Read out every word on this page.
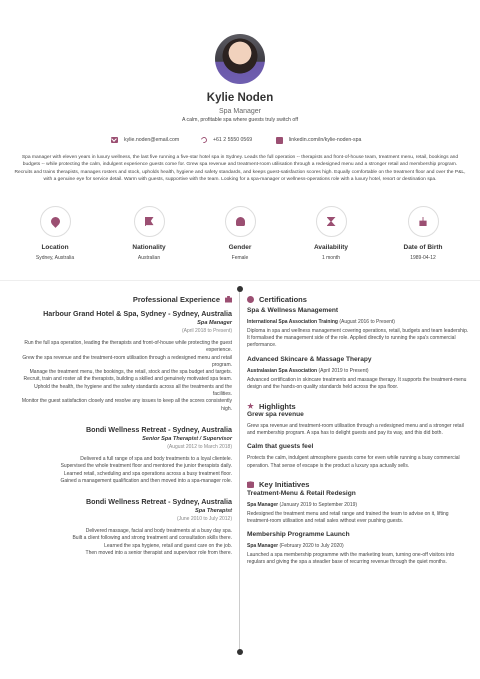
Kylie Noden
Spa Manager
A calm, profitable spa where guests truly switch off
kylie.noden@email.com	+61 2 5550 0569	linkedin.com/in/kylie-noden-spa
Spa manager with eleven years in luxury wellness, the last five running a five-star hotel spa in Sydney. Leads the full operation -- therapists and front-of-house team, treatment menu, retail, bookings and budgets -- while protecting the calm, indulgent experience guests come for. Grew spa revenue and treatment-room utilisation through a redesigned menu and a stronger retail and membership program. Recruits and trains therapists, manages rosters and stock, upholds health, hygiene and safety standards, and keeps guest-satisfaction scores high. Equally comfortable on the treatment floor and over the P&L, with a genuine eye for service detail. Warm with guests, supportive with the team. Looking for a spa-manager or wellness-operations role with a luxury hotel, resort or destination spa.
Location
Sydney, Australia
Nationality
Australian
Gender
Female
Availability
1 month
Date of Birth
1989-04-12
Professional Experience
Harbour Grand Hotel & Spa, Sydney - Sydney, Australia
Spa Manager
(April 2018 to Present)
Run the full spa operation, leading the therapists and front-of-house while protecting the guest experience.
Grew the spa revenue and the treatment-room utilisation through a redesigned menu and retail program.
Manage the treatment menu, the bookings, the retail, stock and the spa budget and targets.
Recruit, train and roster all the therapists, building a skilled and genuinely motivated spa team.
Uphold the health, the hygiene and the safety standards across all the treatments and the facilities.
Monitor the guest satisfaction closely and resolve any issues to keep all the scores consistently high.
Bondi Wellness Retreat - Sydney, Australia
Senior Spa Therapist / Supervisor
(August 2012 to March 2018)
Delivered a full range of spa and body treatments to a loyal clientele.
Supervised the whole treatment floor and mentored the junior therapists daily.
Learned retail, scheduling and spa operations across a busy treatment floor.
Gained a management qualification and then moved into a spa-manager role.
Bondi Wellness Retreat - Sydney, Australia
Spa Therapist
(June 2010 to July 2012)
Delivered massage, facial and body treatments at a busy day spa.
Built a client following and strong treatment and consultation skills there.
Learned the spa hygiene, retail and guest care on the job.
Then moved into a senior therapist and supervisor role from there.
Certifications
Spa & Wellness Management
International Spa Association Training (August 2016 to Present)
Diploma in spa and wellness management covering operations, retail, budgets and team leadership. It formalised the management side of the role. Applied directly to running the spa's commercial performance.
Advanced Skincare & Massage Therapy
Australasian Spa Association (April 2019 to Present)
Advanced certification in skincare treatments and massage therapy. It supports the treatment-menu design and the hands-on quality standards held across the spa floor.
Highlights
Grew spa revenue
Grew spa revenue and treatment-room utilisation through a redesigned menu and a stronger retail and membership program. A spa has to delight guests and pay its way, and this did both.
Calm that guests feel
Protects the calm, indulgent atmosphere guests come for even while running a busy commercial operation. That sense of escape is the product a luxury spa actually sells.
Key Initiatives
Treatment-Menu & Retail Redesign
Spa Manager (January 2019 to September 2019)
Redesigned the treatment menu and retail range and trained the team to advise on it, lifting treatment-room utilisation and retail sales without ever pushing guests.
Membership Programme Launch
Spa Manager (February 2020 to July 2020)
Launched a spa membership programme with the marketing team, turning one-off visitors into regulars and giving the spa a steadier base of recurring revenue through the quiet months.
